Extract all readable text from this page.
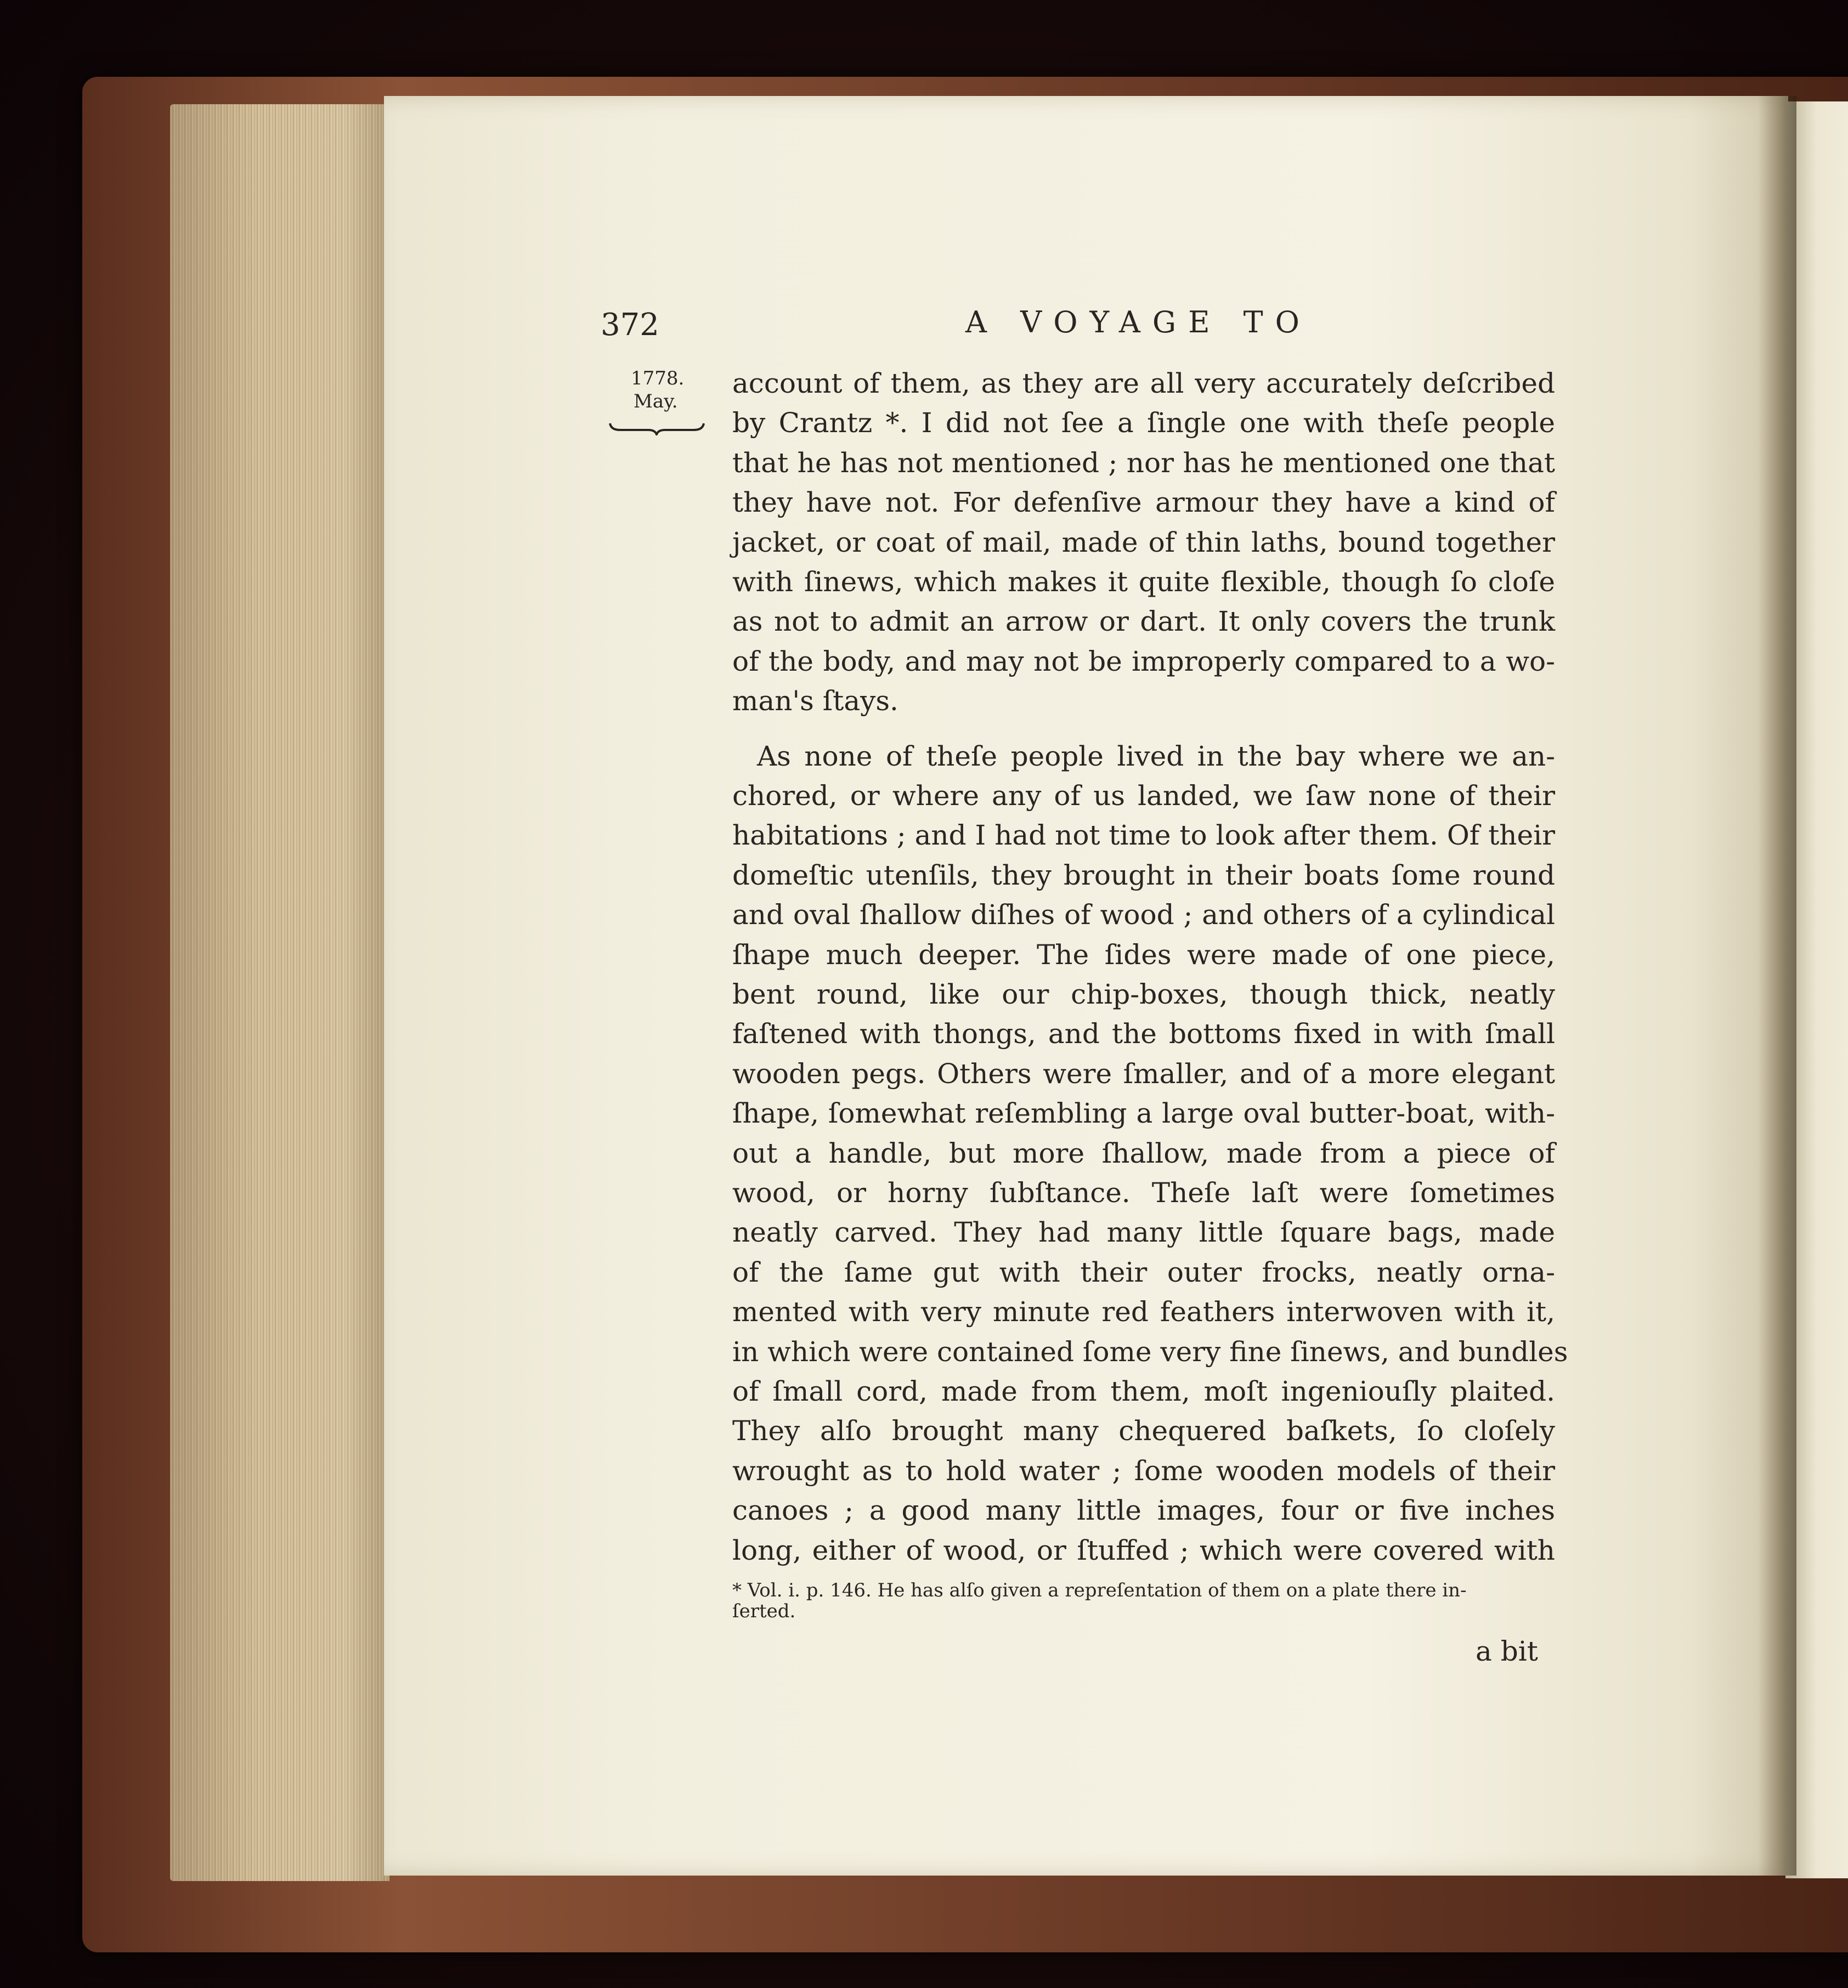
372	A VOYAGE TO
1778.
May.
account of them, as they are all very accurately deſcribed
by Crantz *. I did not ſee a ſingle one with theſe people
that he has not mentioned ; nor has he mentioned one that
they have not. For defenſive armour they have a kind of
jacket, or coat of mail, made of thin laths, bound together
with ſinews, which makes it quite flexible, though ſo cloſe
as not to admit an arrow or dart. It only covers the trunk
of the body, and may not be improperly compared to a wo-
man's ſtays.
As none of theſe people lived in the bay where we an-
chored, or where any of us landed, we ſaw none of their
habitations ; and I had not time to look after them. Of their
domeſtic utenſils, they brought in their boats ſome round
and oval ſhallow diſhes of wood ; and others of a cylindical
ſhape much deeper. The ſides were made of one piece,
bent round, like our chip-boxes, though thick, neatly
faſtened with thongs, and the bottoms fixed in with ſmall
wooden pegs. Others were ſmaller, and of a more elegant
ſhape, ſomewhat reſembling a large oval butter-boat, with-
out a handle, but more ſhallow, made from a piece of
wood, or horny ſubſtance. Theſe laſt were ſometimes
neatly carved. They had many little ſquare bags, made
of the ſame gut with their outer frocks, neatly orna-
mented with very minute red feathers interwoven with it,
in which were contained ſome very fine ſinews, and bundles
of ſmall cord, made from them, moſt ingeniouſly plaited.
They alſo brought many chequered baſkets, ſo cloſely
wrought as to hold water ; ſome wooden models of their
canoes ; a good many little images, four or five inches
long, either of wood, or ſtuffed ; which were covered with
* Vol. i. p. 146. He has alſo given a repreſentation of them on a plate there in-
ſerted.
a bit
